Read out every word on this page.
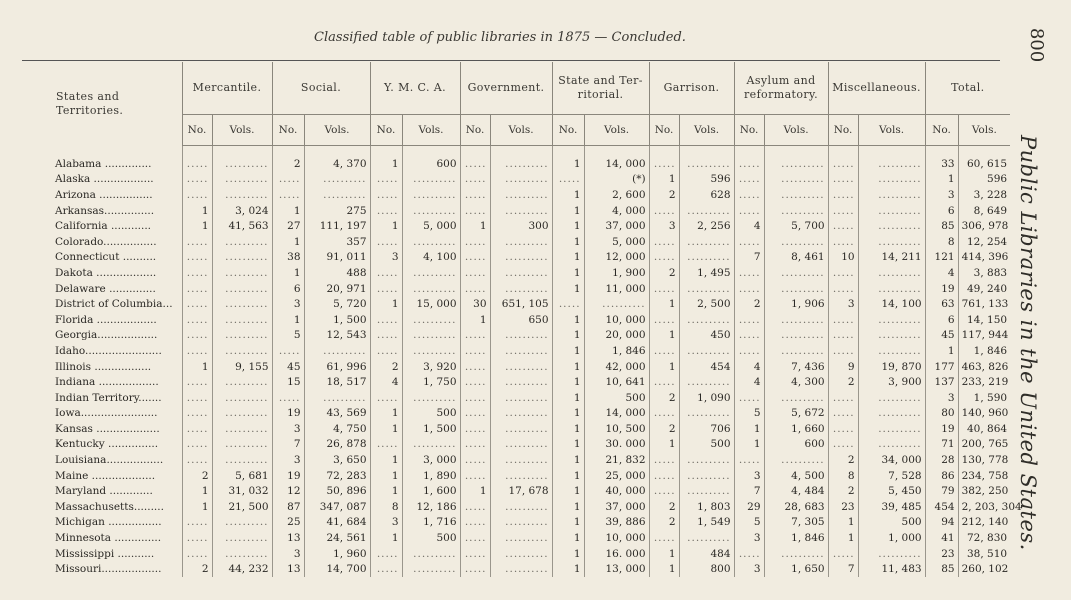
Classified table of public libraries in 1875 — Concluded.	800
Public Libraries in the United States.
States and Territories.	Mercantile.		Social.		Y. M. C. A.		Government.		State and Ter-ritorial.		Garrison.		Asylum and reformatory.		Miscellaneous.		Total.	
	No.	Vols.	No.	Vols.	No.	Vols.	No.	Vols.	No.	Vols.	No.	Vols.	No.	Vols.	No.	Vols.	No.	Vols.
Alabama ..............	.....	..........	2	4, 370	1	600	.....	..........	1	14, 000	.....	..........	.....	..........	.....	..........	33	60, 615
Alaska ..................	.....	..........	.....	..........	.....	..........	.....	..........	.....	(*)	1	596	.....	..........	.....	..........	1	596
Arizona ................	.....	..........	.....	..........	.....	..........	.....	..........	1	2, 600	2	628	.....	..........	.....	..........	3	3, 228
Arkansas...............	1	3, 024	1	275	.....	..........	.....	..........	1	4, 000	.....	..........	.....	..........	.....	..........	6	8, 649
California ............	1	41, 563	27	111, 197	1	5, 000	1	300	1	37, 000	3	2, 256	4	5, 700	.....	..........	85	306, 978
Colorado................	.....	..........	1	357	.....	..........	.....	..........	1	5, 000	.....	..........	.....	..........	.....	..........	8	12, 254
Connecticut ..........	.....	..........	38	91, 011	3	4, 100	.....	..........	1	12, 000	.....	..........	7	8, 461	10	14, 211	121	414, 396
Dakota ..................	.....	..........	1	488	.....	..........	.....	..........	1	1, 900	2	1, 495	.....	..........	.....	..........	4	3, 883
Delaware ..............	.....	..........	6	20, 971	.....	..........	.....	..........	1	11, 000	.....	..........	.....	..........	.....	..........	19	49, 240
District of Columbia...	.....	..........	3	5, 720	1	15, 000	30	651, 105	.....	..........	1	2, 500	2	1, 906	3	14, 100	63	761, 133
Florida ..................	.....	..........	1	1, 500	.....	..........	1	650	1	10, 000	.....	..........	.....	..........	.....	..........	6	14, 150
Georgia..................	.....	..........	5	12, 543	.....	..........	.....	..........	1	20, 000	1	450	.....	..........	.....	..........	45	117, 944
Idaho.......................	.....	..........	.....	..........	.....	..........	.....	..........	1	1, 846	.....	..........	.....	..........	.....	..........	1	1, 846
Illinois .................	1	9, 155	45	61, 996	2	3, 920	.....	..........	1	42, 000	1	454	4	7, 436	9	19, 870	177	463, 826
Indiana ..................	.....	..........	15	18, 517	4	1, 750	.....	..........	1	10, 641	.....	..........	4	4, 300	2	3, 900	137	233, 219
Indian Territory.......	.....	..........	.....	..........	.....	..........	.....	..........	1	500	2	1, 090	.....	..........	.....	..........	3	1, 590
Iowa.......................	.....	..........	19	43, 569	1	500	.....	..........	1	14, 000	.....	..........	5	5, 672	.....	..........	80	140, 960
Kansas ...................	.....	..........	3	4, 750	1	1, 500	.....	..........	1	10, 500	2	706	1	1, 660	.....	..........	19	40, 864
Kentucky ...............	.....	..........	7	26, 878	.....	..........	.....	..........	1	30. 000	1	500	1	600	.....	..........	71	200, 765
Louisiana.................	.....	..........	3	3, 650	1	3, 000	.....	..........	1	21, 832	.....	..........	.....	..........	2	34, 000	28	130, 778
Maine ...................	2	5, 681	19	72, 283	1	1, 890	.....	..........	1	25, 000	.....	..........	3	4, 500	8	7, 528	86	234, 758
Maryland .............	1	31, 032	12	50, 896	1	1, 600	1	17, 678	1	40, 000	.....	..........	7	4, 484	2	5, 450	79	382, 250
Massachusetts.........	1	21, 500	87	347, 087	8	12, 186	.....	..........	1	37, 000	2	1, 803	29	28, 683	23	39, 485	454	2, 203, 304
Michigan ................	.....	..........	25	41, 684	3	1, 716	.....	..........	1	39, 886	2	1, 549	5	7, 305	1	500	94	212, 140
Minnesota ..............	.....	..........	13	24, 561	1	500	.....	..........	1	10, 000	.....	..........	3	1, 846	1	1, 000	41	72, 830
Mississippi ...........	.....	..........	3	1, 960	.....	..........	.....	..........	1	16. 000	1	484	.....	..........	.....	..........	23	38, 510
Missouri..................	2	44, 232	13	14, 700	.....	..........	.....	..........	1	13, 000	1	800	3	1, 650	7	11, 483	85	260, 102
